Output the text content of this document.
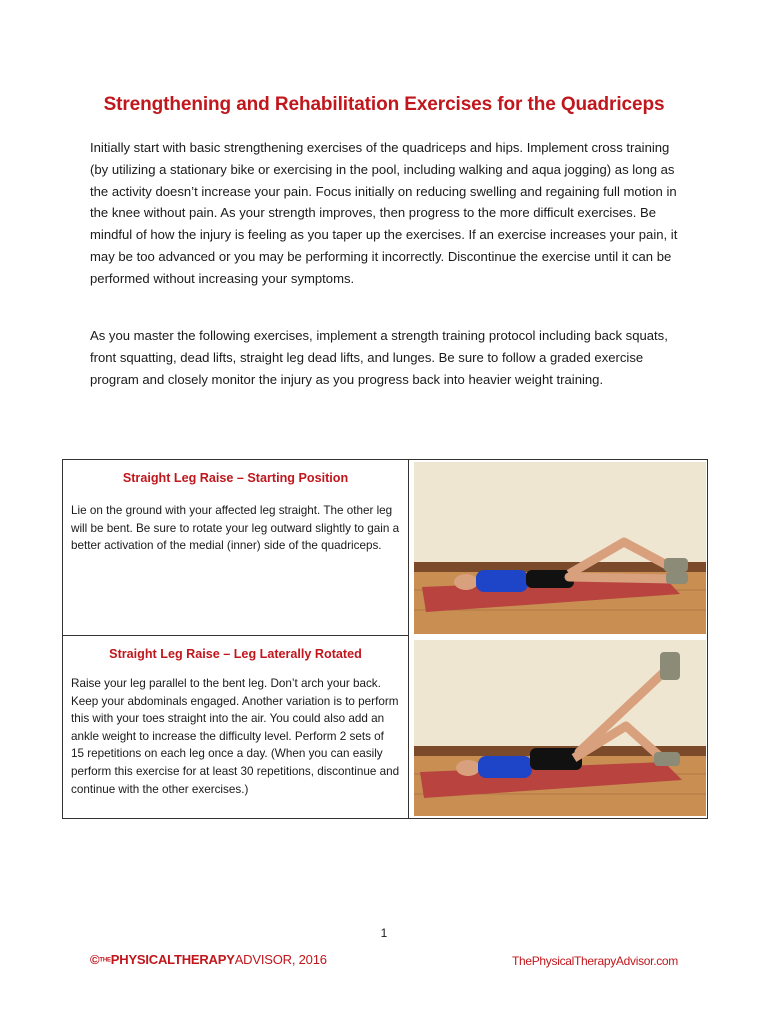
Strengthening and Rehabilitation Exercises for the Quadriceps

Initially start with basic strengthening exercises of the quadriceps and hips. Implement cross training (by utilizing a stationary bike or exercising in the pool, including walking and aqua jogging) as long as the activity doesn’t increase your pain. Focus initially on reducing swelling and regaining full motion in the knee without pain. As your strength improves, then progress to the more difficult exercises. Be mindful of how the injury is feeling as you taper up the exercises. If an exercise increases your pain, it may be too advanced or you may be performing it incorrectly. Discontinue the exercise until it can be performed without increasing your symptoms.

As you master the following exercises, implement a strength training protocol including back squats, front squatting, dead lifts, straight leg dead lifts, and lunges. Be sure to follow a graded exercise program and closely monitor the injury as you progress back into heavier weight training.

Straight Leg Raise – Starting Position

Lie on the ground with your affected leg straight. The other leg will be bent. Be sure to rotate your leg outward slightly to gain a better activation of the medial (inner) side of the quadriceps.

Straight Leg Raise – Leg Laterally Rotated

Raise your leg parallel to the bent leg. Don’t arch your back. Keep your abdominals engaged. Another variation is to perform this with your toes straight into the air. You could also add an ankle weight to increase the difficulty level. Perform 2 sets of 15 repetitions on each leg once a day. (When you can easily perform this exercise for at least 30 repetitions, discontinue and continue with the other exercises.)

1
©THEPHYSICALTHERAPYADVISOR, 2016	ThePhysicalTherapyAdvisor.com
